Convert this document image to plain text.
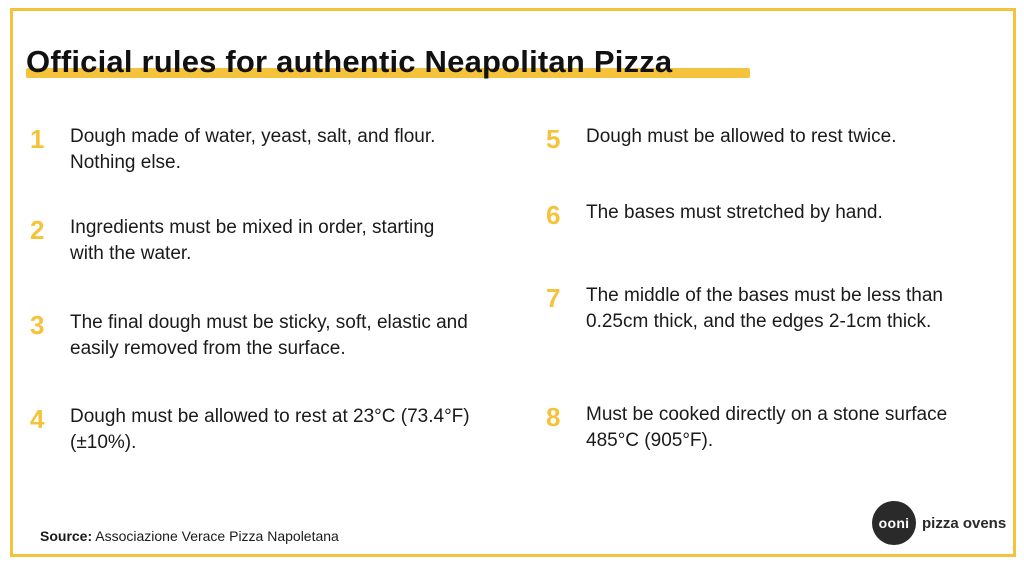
Official rules for authentic Neapolitan Pizza
1	Dough made of water, yeast, salt, and flour. Nothing else.
2	Ingredients must be mixed in order, starting with the water.
3	The final dough must be sticky, soft, elastic and easily removed from the surface.
4	Dough must be allowed to rest at 23°C (73.4°F) (±10%).
5	Dough must be allowed to rest twice.
6	The bases must stretched by hand.
7	The middle of the bases must be less than 0.25cm thick, and the edges 2-1cm thick.
8	Must be cooked directly on a stone surface 485°C (905°F).
Source: Associazione Verace Pizza Napoletana
ooni pizza ovens
